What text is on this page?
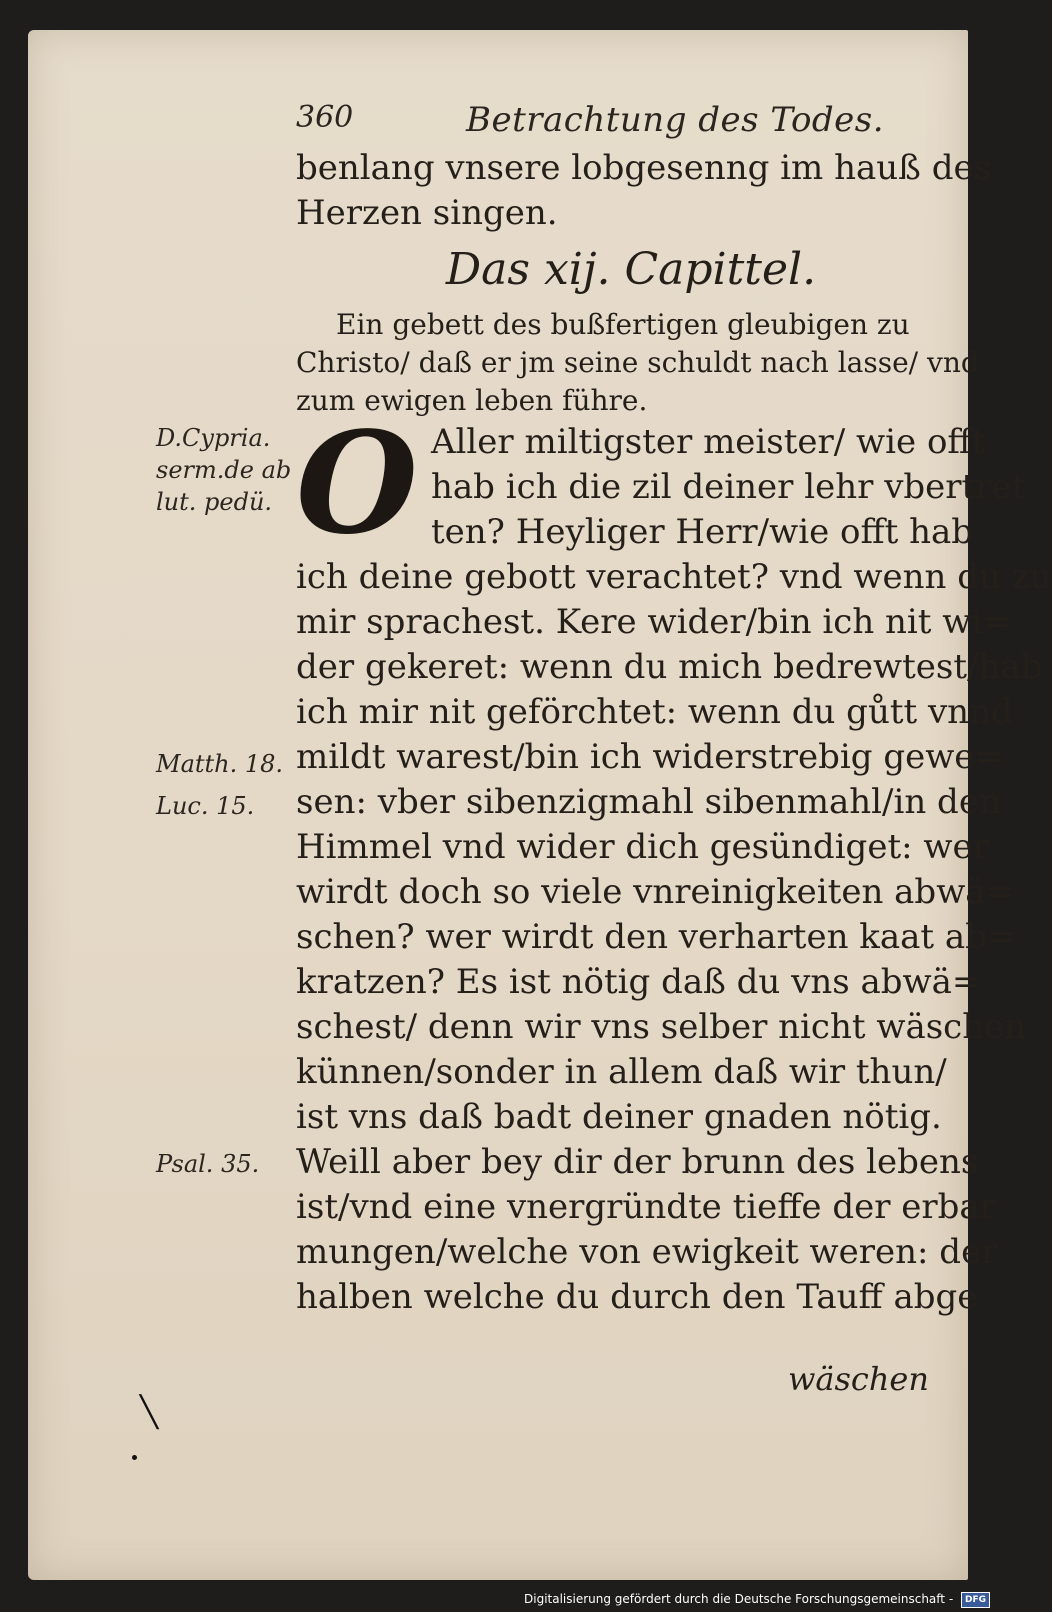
360	Betrachtung des Todes.
benlang vnsere lobgesenng im hauß des
Herzen singen.
Das xij. Capittel.
Ein gebett des bußfertigen gleubigen zu
Christo/ daß er jm seine schuldt nach lasse/ vnd
zum ewigen leben führe.
O Aller miltigster meister/ wie offt
hab ich die zil deiner lehr vbertret
ten? Heyliger Herr/wie offt hab
ich deine gebott verachtet? vnd wenn du zu
mir sprachest. Kere wider/bin ich nit wi=
der gekeret: wenn du mich bedrewtest/hab
ich mir nit geförchtet: wenn du gůtt vnnd
mildt warest/bin ich widerstrebig gewe=
sen: vber sibenzigmahl sibenmahl/in den
Himmel vnd wider dich gesündiget: wer
wirdt doch so viele vnreinigkeiten abwä=
schen? wer wirdt den verharten kaat ab=
kratzen? Es ist nötig daß du vns abwä=
schest/ denn wir vns selber nicht wäschen
künnen/sonder in allem daß wir thun/
ist vns daß badt deiner gnaden nötig.
Weill aber bey dir der brunn des lebens
ist/vnd eine vnergründte tieffe der erbar
mungen/welche von ewigkeit weren: der
halben welche du durch den Tauff abge
D.Cypria.
serm.de ab
lut. pedü.
Matth. 18.
Luc. 15.
Psal. 35.
wäschen
╲
Digitalisierung gefördert durch die Deutsche Forschungsgemeinschaft - DFG
